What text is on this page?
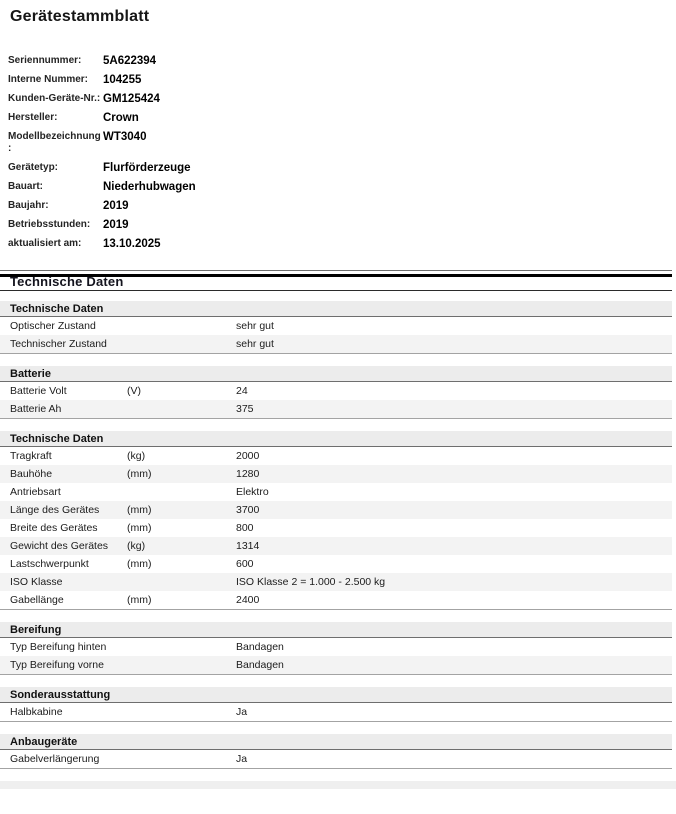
Gerätestammblatt
Seriennummer:	5A622394
Interne Nummer:	104255
Kunden-Geräte-Nr.: GM125424
Hersteller:	Crown
Modellbezeichnung :
WT3040
Gerätetyp:	Flurförderzeuge
Bauart:	Niederhubwagen
Baujahr:	2019
Betriebsstunden:	2019
aktualisiert am:	13.10.2025
Technische Daten
Technische Daten
Optischer Zustand	sehr gut
Technischer Zustand	sehr gut
Batterie
Batterie Volt	(V)	24
Batterie Ah	375
Technische Daten
Tragkraft	(kg)	2000
Bauhöhe	(mm)	1280
Antriebsart	Elektro
Länge des Gerätes	(mm)	3700
Breite des Gerätes	(mm)	800
Gewicht des Gerätes	(kg)	1314
Lastschwerpunkt	(mm)	600
ISO Klasse	ISO Klasse 2 = 1.000 - 2.500 kg
Gabellänge	(mm)	2400
Bereifung
Typ Bereifung hinten	Bandagen
Typ Bereifung vorne	Bandagen
Sonderausstattung
Halbkabine	Ja
Anbaugeräte
Gabelverlängerung	Ja
